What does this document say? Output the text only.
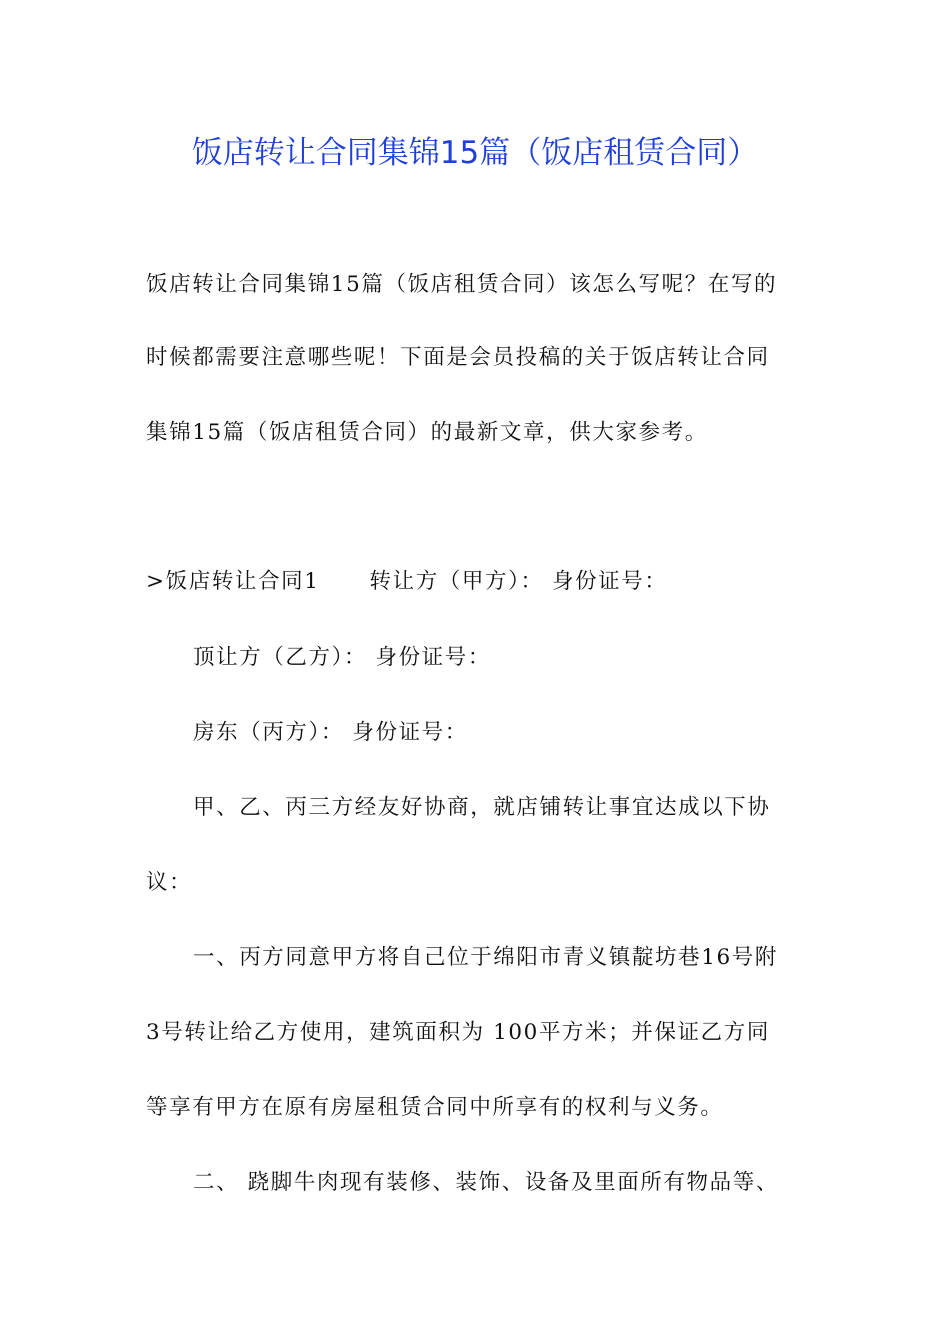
饭店转让合同集锦15篇（饭店租赁合同）
饭店转让合同集锦15篇（饭店租赁合同）该怎么写呢？在写的
时候都需要注意哪些呢！下面是会员投稿的关于饭店转让合同
集锦15篇（饭店租赁合同）的最新文章，供大家参考。
>饭店转让合同1 转让方（甲方）： 身份证号：
顶让方（乙方）： 身份证号：
房东（丙方）： 身份证号：
甲、乙、丙三方经友好协商，就店铺转让事宜达成以下协
议：
一、丙方同意甲方将自己位于绵阳市青义镇靛坊巷16号附
3号转让给乙方使用，建筑面积为 100平方米；并保证乙方同
等享有甲方在原有房屋租赁合同中所享有的权利与义务。
二、 跷脚牛肉现有装修、装饰、设备及里面所有物品等、
